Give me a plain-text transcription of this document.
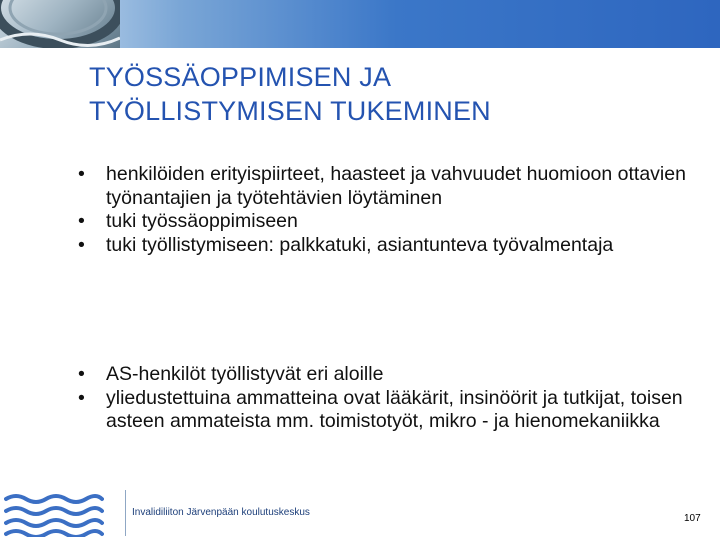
TYÖSSÄOPPIMISEN JA
TYÖLLISTYMISEN TUKEMINEN
•	henkilöiden erityispiirteet, haasteet ja vahvuudet huomioon ottavien työnantajien ja työtehtävien löytäminen
•	tuki työssäoppimiseen
•	tuki työllistymiseen: palkkatuki, asiantunteva työvalmentaja
•	AS-henkilöt työllistyvät eri aloille
•	yliedustettuina ammatteina ovat lääkärit, insinöörit ja tutkijat, toisen asteen ammateista mm. toimistotyöt, mikro - ja hienomekaniikka
Invalidiliiton Järvenpään koulutuskeskus
107
